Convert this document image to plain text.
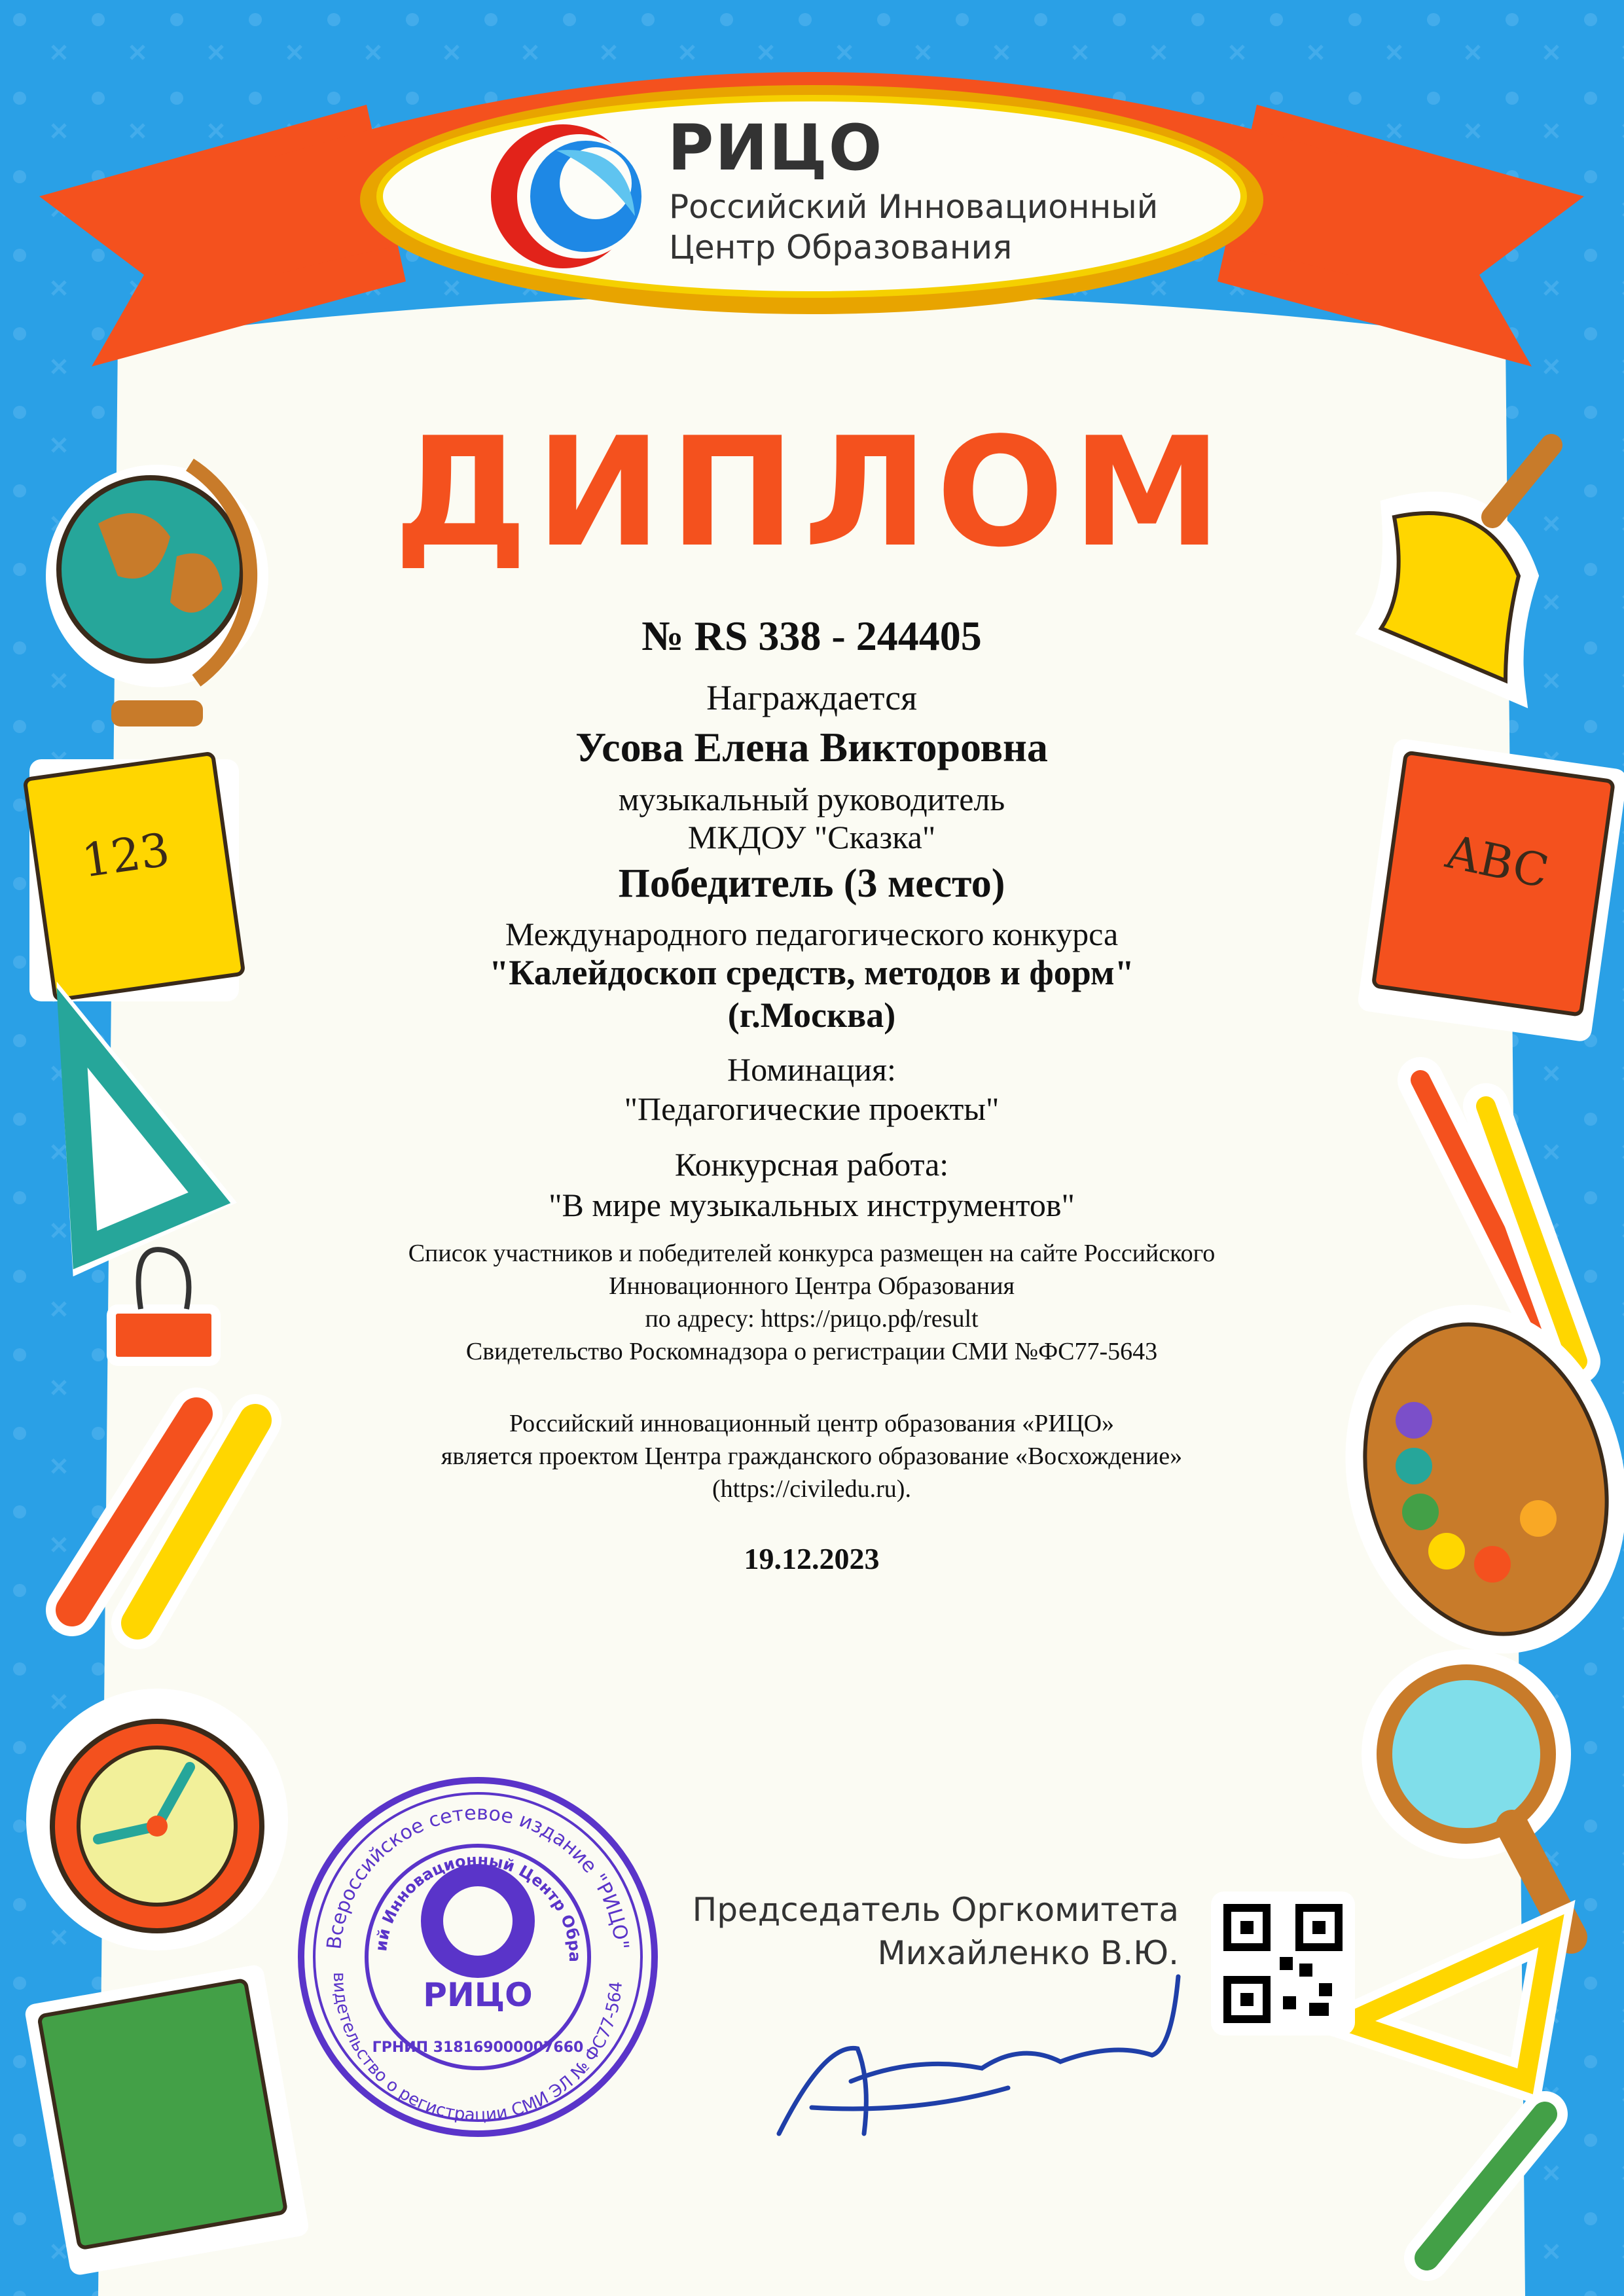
123	ABC
РИЦО
Российский Инновационный
Центр Образования
ДИПЛОМ
№ RS 338 - 244405
Награждается
Усова Елена Викторовна
музыкальный руководитель
МКДОУ "Сказка"
Победитель (3 место)
Международного педагогического конкурса
"Калейдоскоп средств, методов и форм"
(г.Москва)
Номинация:
"Педагогические проекты"
Конкурсная работа:
"В мире музыкальных инструментов"
Список участников и победителей конкурса размещен на сайте Российского
Инновационного Центра Образования
по адресу: https://рицо.рф/result
Свидетельство Роскомнадзора о регистрации СМИ №ФС77-5643
Российский инновационный центр образования «РИЦО»
является проектом Центра гражданского образование «Восхождение»
(https://civiledu.ru).
19.12.2023
Председатель Оргкомитета
Михайленко В.Ю.
Всероссийское сетевое издание "РИЦО"
ий Инновационный Центр Обра
видетельство о регистрации СМИ ЭЛ № ФС77-564
ГРНИП 318169000007660
РИЦО
